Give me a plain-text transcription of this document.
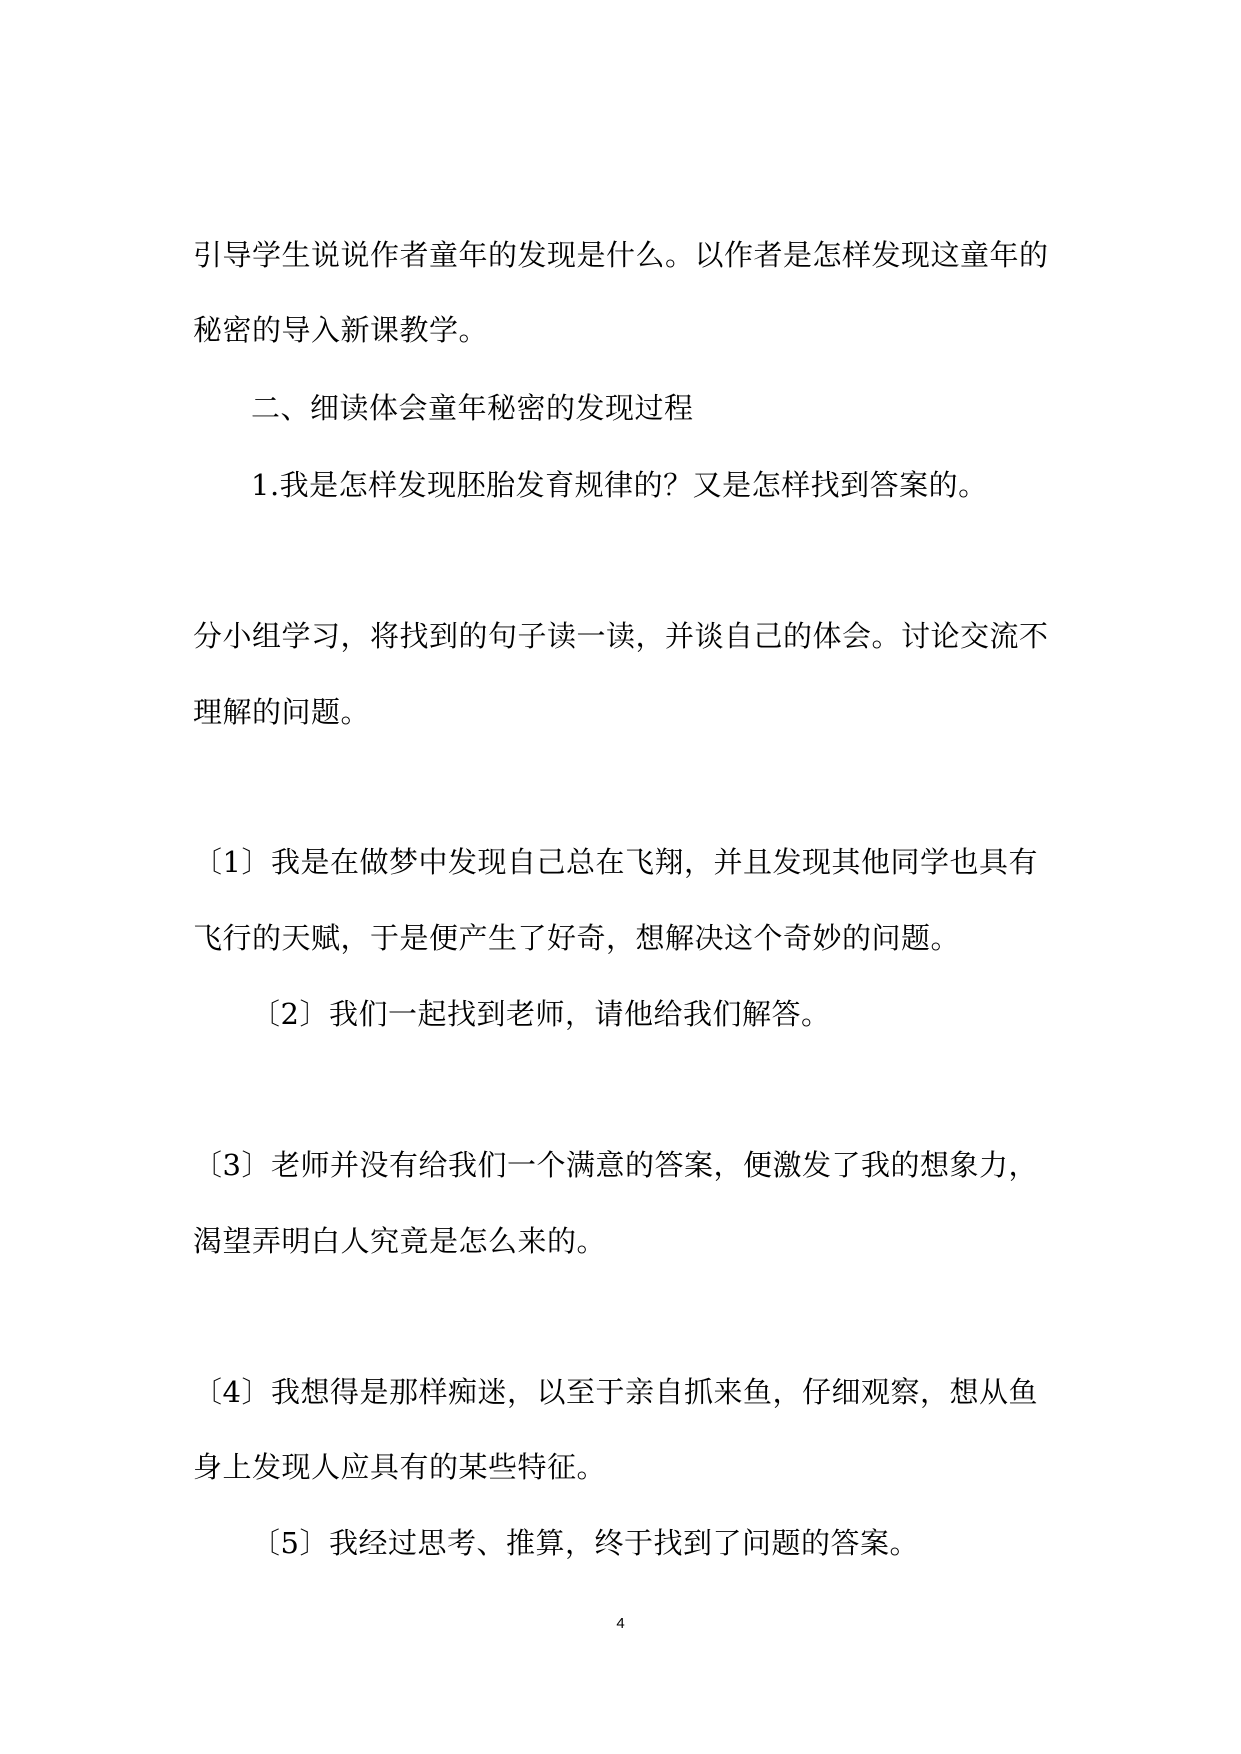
引导学生说说作者童年的发现是什么。以作者是怎样发现这童年的
秘密的导入新课教学。
二、细读体会童年秘密的发现过程
1.我是怎样发现胚胎发育规律的？又是怎样找到答案的。
分小组学习，将找到的句子读一读，并谈自己的体会。讨论交流不
理解的问题。
〔1〕我是在做梦中发现自己总在飞翔，并且发现其他同学也具有
飞行的天赋，于是便产生了好奇，想解决这个奇妙的问题。
〔2〕我们一起找到老师，请他给我们解答。
〔3〕老师并没有给我们一个满意的答案，便激发了我的想象力，
渴望弄明白人究竟是怎么来的。
〔4〕我想得是那样痴迷，以至于亲自抓来鱼，仔细观察，想从鱼
身上发现人应具有的某些特征。
〔5〕我经过思考、推算，终于找到了问题的答案。
4
